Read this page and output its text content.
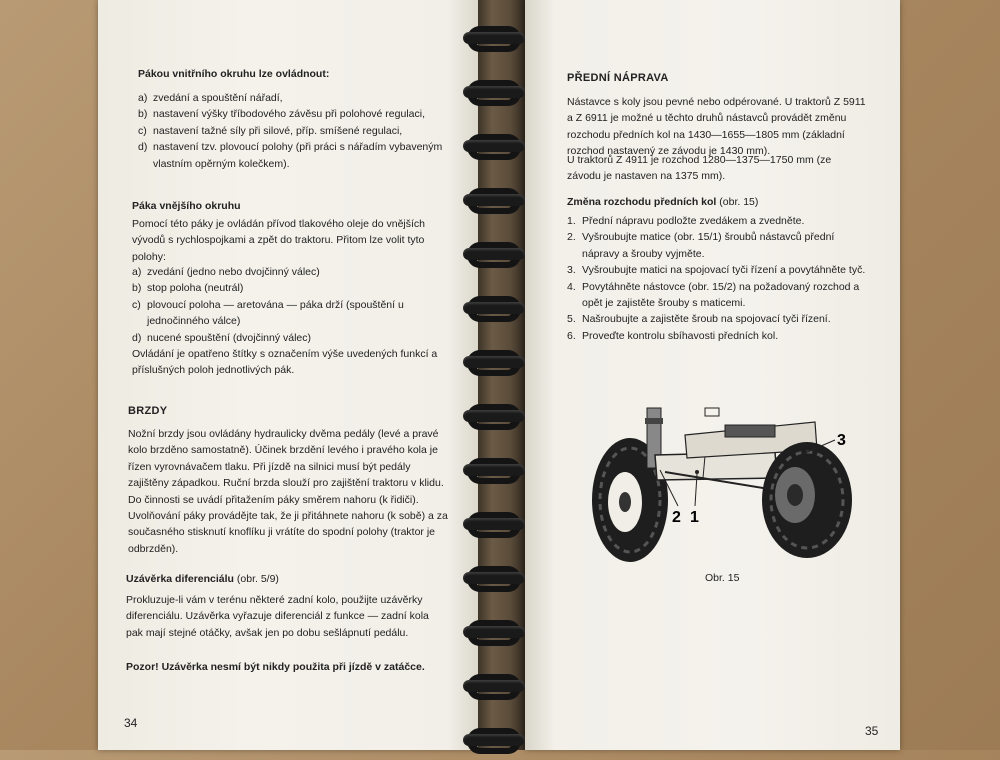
Pákou vnitřního okruhu lze ovládnout:

a) zvedání a spouštění nářadí,
b) nastavení výšky tříbodového závěsu při polohové regulaci,
c) nastavení tažné síly při silové, příp. smíšené regulaci,
d) nastavení tzv. plovoucí polohy (při práci s nářadím vybaveným vlastním opěrným kolečkem).

Páka vnějšího okruhu

Pomocí této páky je ovládán přívod tlakového oleje do vnějších vývodů s rychlospojkami a zpět do traktoru. Přitom lze volit tyto polohy:

a) zvedání (jedno nebo dvojčinný válec)
b) stop poloha (neutrál)
c) plovoucí poloha — aretována — páka drží (spouštění u jednočinného válce)
d) nucené spouštění (dvojčinný válec)

Ovládání je opatřeno štítky s označením výše uvedených funkcí a příslušných poloh jednotlivých pák.

BRZDY

Nožní brzdy jsou ovládány hydraulicky dvěma pedály (levé a pravé kolo brzděno samostatně). Účinek brzdění levého i pravého kola je řízen vyrovnávačem tlaku. Při jízdě na silnici musí být pedály zajištěny západkou. Ruční brzda slouží pro zajištění traktoru v klidu. Do činnosti se uvádí přitažením páky směrem nahoru (k řidiči). Uvolňování páky provádějte tak, že ji přitáhnete nahoru (k sobě) a za současného stisknutí knoflíku ji vrátíte do spodní polohy (traktor je odbrzděn).

Uzávěrka diferenciálu (obr. 5/9)

Prokluzuje-li vám v terénu některé zadní kolo, použijte uzávěrky diferenciálu. Uzávěrka vyřazuje diferenciál z funkce — zadní kola pak mají stejné otáčky, avšak jen po dobu sešlápnutí pedálu.

Pozor! Uzávěrka nesmí být nikdy použita při jízdě v zatáčce.

34

PŘEDNÍ NÁPRAVA

Nástavce s koly jsou pevné nebo odpérované. U traktorů Z 5911 a Z 6911 je možné u těchto druhů nástavců provádět změnu rozchodu předních kol na 1430—1655—1805 mm (základní rozchod nastavený ze závodu je 1430 mm).

U traktorů Z 4911 je rozchod 1280—1375—1750 mm (ze závodu je nastaven na 1375 mm).

Změna rozchodu předních kol (obr. 15)

1. Přední nápravu podložte zvedákem a zvedněte.
2. Vyšroubujte matice (obr. 15/1) šroubů nástavců přední nápravy a šrouby vyjměte.
3. Vyšroubujte matici na spojovací tyči řízení a povytáhněte tyč.
4. Povytáhněte nástovce (obr. 15/2) na požadovaný rozchod a opět je zajistěte šrouby s maticemi.
5. Našroubujte a zajistěte šroub na spojovací tyči řízení.
6. Proveďte kontrolu sbíhavosti předních kol.
Obr. 15
35
3
2 1
